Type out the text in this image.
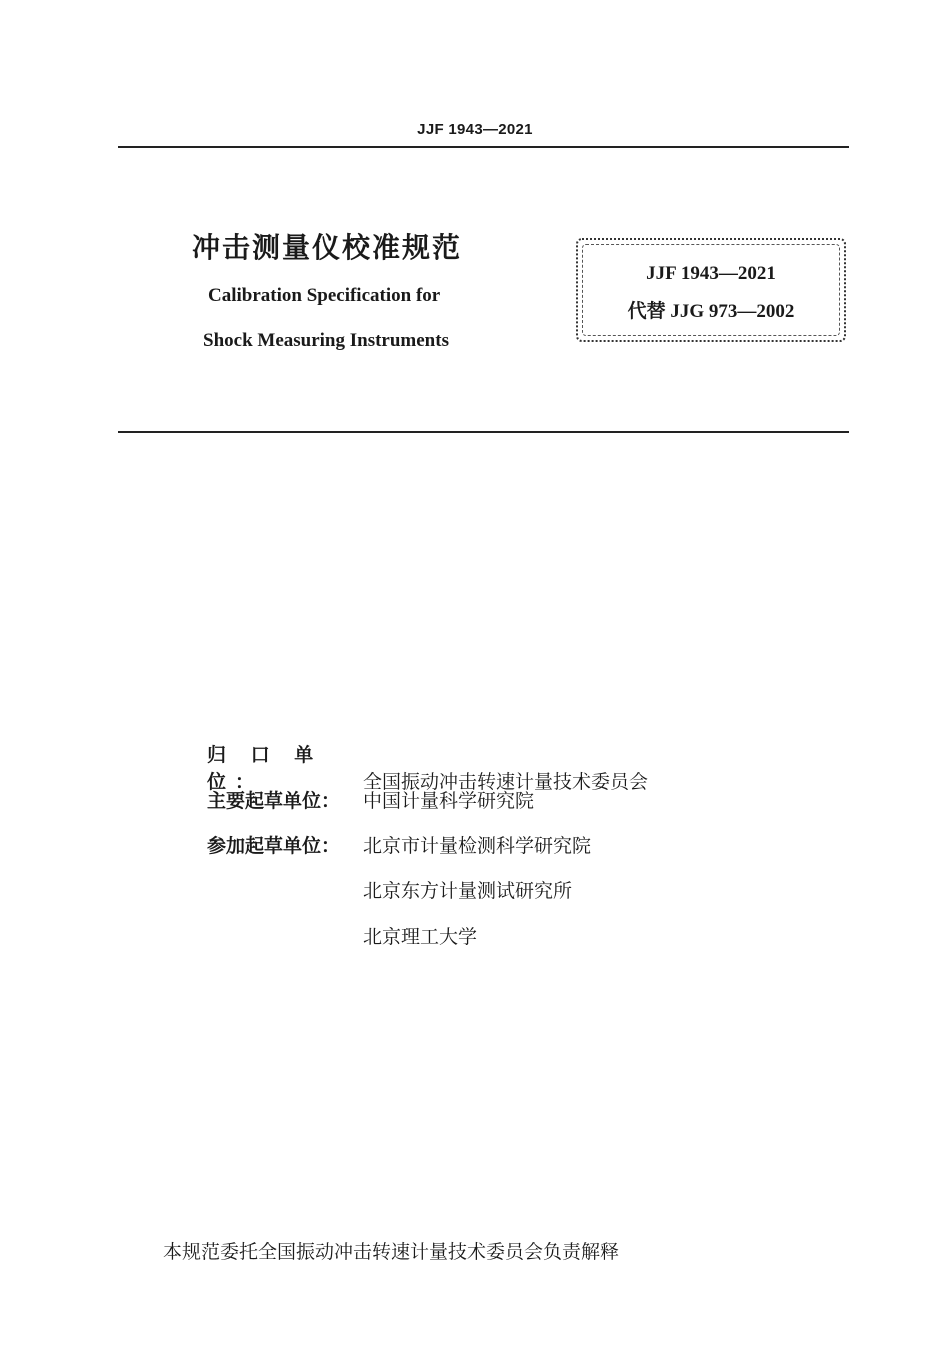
JJF 1943—2021
冲击测量仪校准规范
Calibration Specification for
Shock Measuring Instruments
JJF 1943—2021
代替 JJG 973—2002
归 口 单 位：	全国振动冲击转速计量技术委员会
主要起草单位： 中国计量科学研究院
参加起草单位： 北京市计量检测科学研究院
北京东方计量测试研究所
北京理工大学
本规范委托全国振动冲击转速计量技术委员会负责解释
